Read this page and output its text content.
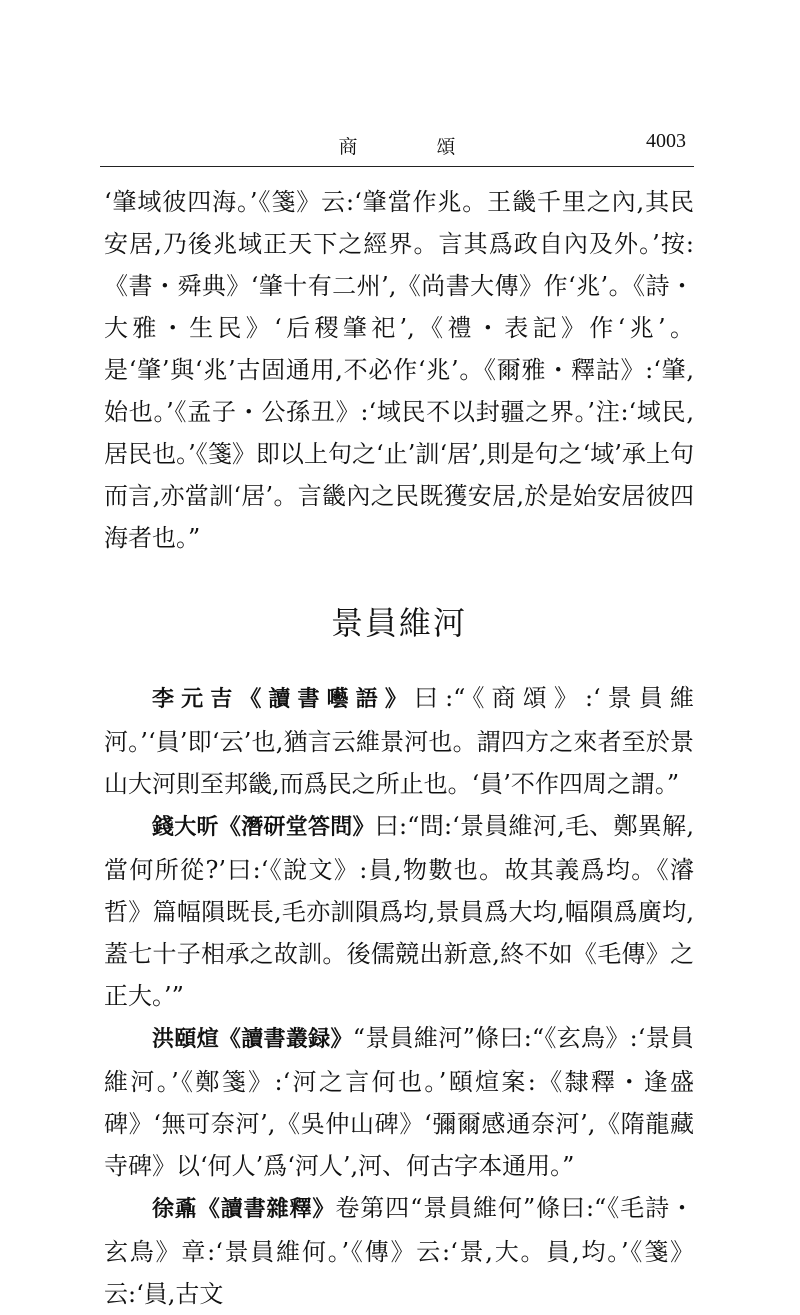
商　頌	4003

‘肇域彼四海。’《箋》云:‘肇當作兆。王畿千里之內,其民安居,乃後兆域正天下之經界。言其爲政自內及外。’按:《書・舜典》‘肇十有二州’,《尚書大傳》作‘兆’。《詩・大雅・生民》‘后稷肇祀’,《禮・表記》作‘兆’。是‘肇’與‘兆’古固通用,不必作‘兆’。《爾雅・釋詁》:‘肇,始也。’《孟子・公孫丑》:‘域民不以封疆之界。’注:‘域民,居民也。’《箋》即以上句之‘止’訓‘居’,則是句之‘域’承上句而言,亦當訓‘居’。言畿內之民既獲安居,於是始安居彼四海者也。”

景員維河

李元吉《讀書囈語》曰:“《商頌》:‘景員維河。’‘員’即‘云’也,猶言云維景河也。謂四方之來者至於景山大河則至邦畿,而爲民之所止也。‘員’不作四周之謂。”

錢大昕《潛研堂答問》曰:“問:‘景員維河,毛、鄭異解,當何所從?’曰:‘《說文》:員,物數也。故其義爲均。《濬哲》篇幅隕既長,毛亦訓隕爲均,景員爲大均,幅隕爲廣均,蓋七十子相承之故訓。後儒競出新意,終不如《毛傳》之正大。’”

洪頤煊《讀書叢録》“景員維河”條曰:“《玄鳥》:‘景員維河。’《鄭箋》:‘河之言何也。’頤煊案:《隸釋・逢盛碑》‘無可奈河’,《吳仲山碑》‘彌爾感通奈河’,《隋龍藏寺碑》以‘何人’爲‘河人’,河、何古字本通用。”

徐鼒《讀書雜釋》卷第四“景員維何”條曰:“《毛詩・玄鳥》章:‘景員維何。’《傳》云:‘景,大。員,均。’《箋》云:‘員,古文
